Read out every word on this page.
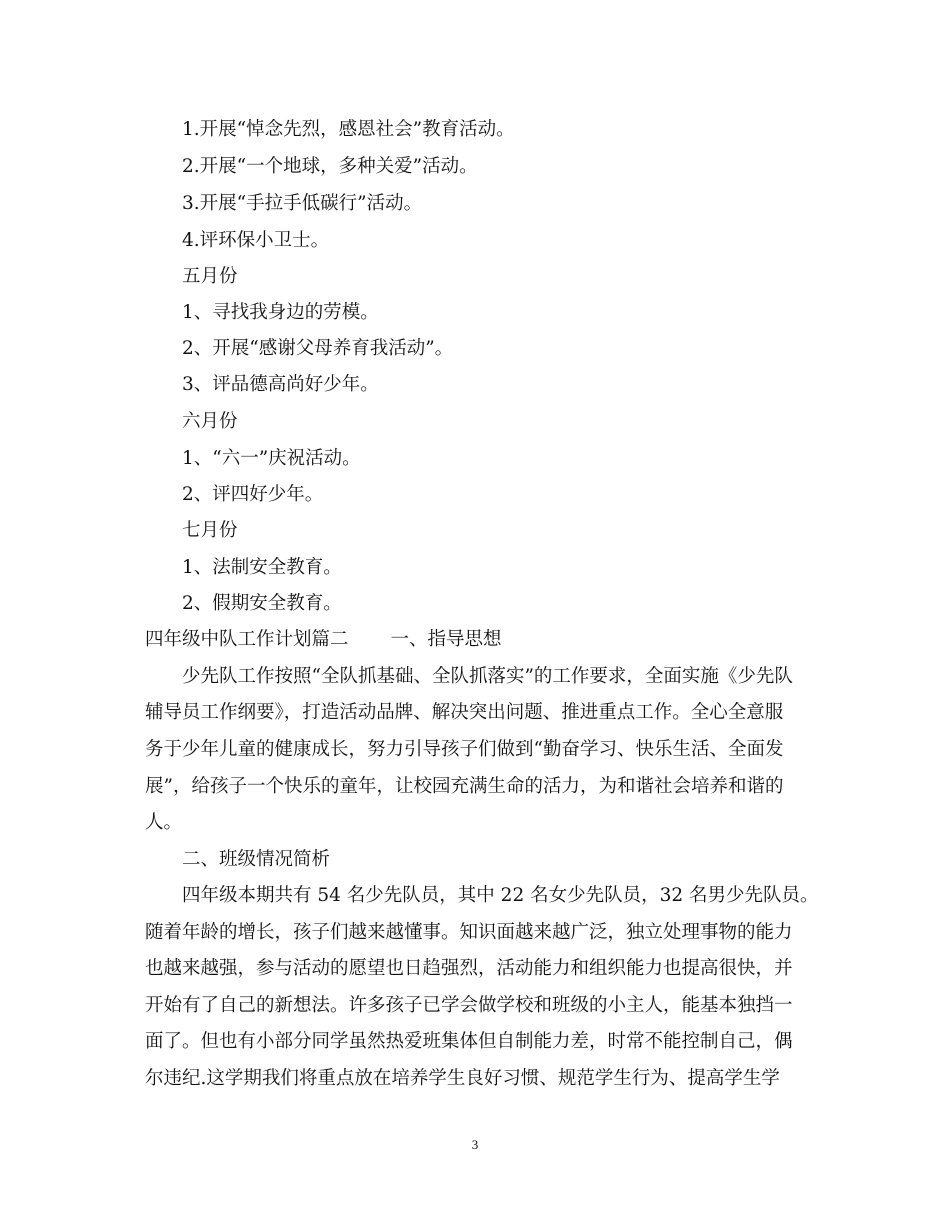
1.开展“悼念先烈，感恩社会”教育活动。

2.开展“一个地球，多种关爱”活动。

3.开展“手拉手低碳行”活动。

4.评环保小卫士。

五月份

1、寻找我身边的劳模。

2、开展“感谢父母养育我活动”。

3、评品德高尚好少年。

六月份

1、“六一”庆祝活动。

2、评四好少年。

七月份

1、法制安全教育。

2、假期安全教育。

四年级中队工作计划篇二 一、指导思想

少先队工作按照“全队抓基础、全队抓落实”的工作要求，全面实施《少先队

辅导员工作纲要》，打造活动品牌、解决突出问题、推进重点工作。全心全意服

务于少年儿童的健康成长，努力引导孩子们做到“勤奋学习、快乐生活、全面发

展”，给孩子一个快乐的童年，让校园充满生命的活力，为和谐社会培养和谐的

人。

二、班级情况简析

四年级本期共有 54 名少先队员，其中 22 名女少先队员，32 名男少先队员。

随着年龄的增长，孩子们越来越懂事。知识面越来越广泛，独立处理事物的能力

也越来越强，参与活动的愿望也日趋强烈，活动能力和组织能力也提高很快，并

开始有了自己的新想法。许多孩子已学会做学校和班级的小主人，能基本独挡一

面了。但也有小部分同学虽然热爱班集体但自制能力差，时常不能控制自己，偶

尔违纪.这学期我们将重点放在培养学生良好习惯、规范学生行为、提高学生学

3
